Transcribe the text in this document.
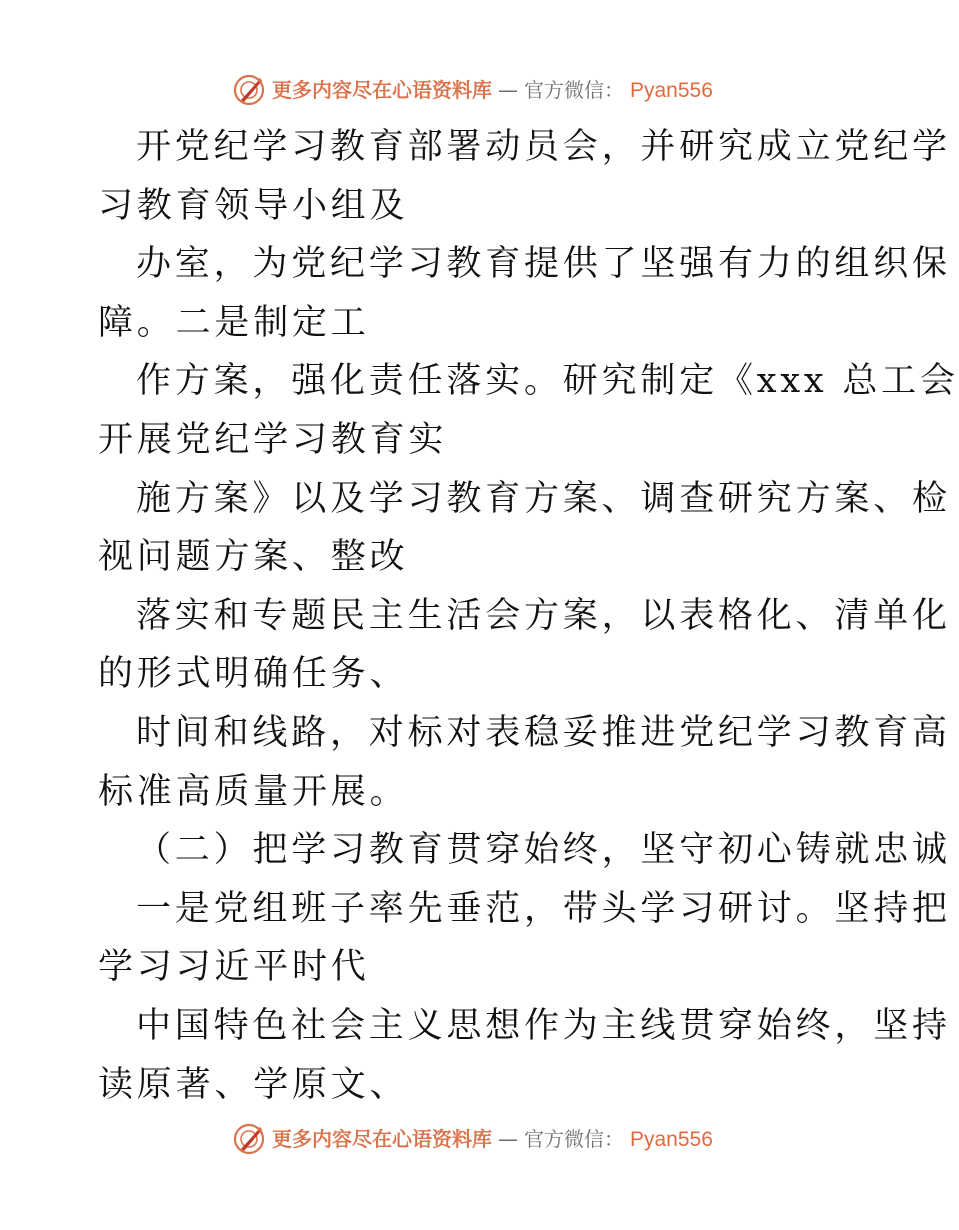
更多内容尽在心语资料库 — 官方微信： Pyan556
开党纪学习教育部署动员会，并研究成立党纪学
习教育领导小组及
办室，为党纪学习教育提供了坚强有力的组织保
障。二是制定工
作方案，强化责任落实。研究制定《xxx 总工会
开展党纪学习教育实
施方案》以及学习教育方案、调查研究方案、检
视问题方案、整改
落实和专题民主生活会方案，以表格化、清单化
的形式明确任务、
时间和线路，对标对表稳妥推进党纪学习教育高
标准高质量开展。
（二）把学习教育贯穿始终，坚守初心铸就忠诚
一是党组班子率先垂范，带头学习研讨。坚持把
学习习近平时代
中国特色社会主义思想作为主线贯穿始终，坚持
读原著、学原文、
更多内容尽在心语资料库 — 官方微信： Pyan556
